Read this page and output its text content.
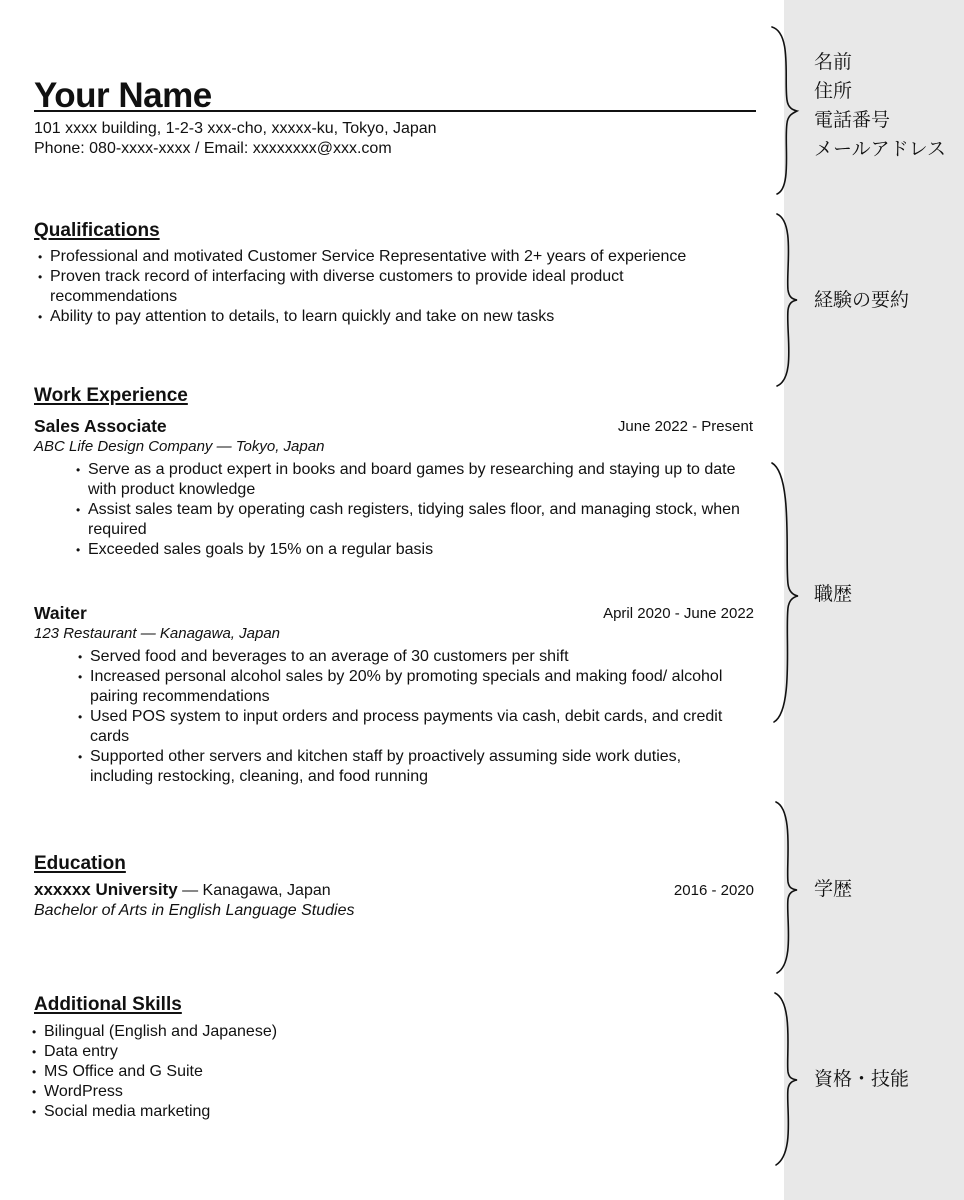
Your Name
101 xxxx building, 1-2-3 xxx-cho, xxxxx-ku, Tokyo, Japan
Phone: 080-xxxx-xxxx / Email: xxxxxxxx@xxx.com
Qualifications
• Professional and motivated Customer Service Representative with 2+ years of experience
• Proven track record of interfacing with diverse customers to provide ideal product recommendations
• Ability to pay attention to details, to learn quickly and take on new tasks
Work Experience
Sales Associate	June 2022 - Present
ABC Life Design Company — Tokyo, Japan
• Serve as a product expert in books and board games by researching and staying up to date with product knowledge
• Assist sales team by operating cash registers, tidying sales floor, and managing stock, when required
• Exceeded sales goals by 15% on a regular basis
Waiter	April 2020 - June 2022
123 Restaurant — Kanagawa, Japan
• Served food and beverages to an average of 30 customers per shift
• Increased personal alcohol sales by 20% by promoting specials and making food/ alcohol pairing recommendations
• Used POS system to input orders and process payments via cash, debit cards, and credit cards
• Supported other servers and kitchen staff by proactively assuming side work duties, including restocking, cleaning, and food running
Education
xxxxxx University — Kanagawa, Japan	2016 - 2020
Bachelor of Arts in English Language Studies
Additional Skills
• Bilingual (English and Japanese)
• Data entry
• MS Office and G Suite
• WordPress
• Social media marketing
名前
住所
電話番号
メールアドレス
経験の要約
職歴
学歴
資格・技能
